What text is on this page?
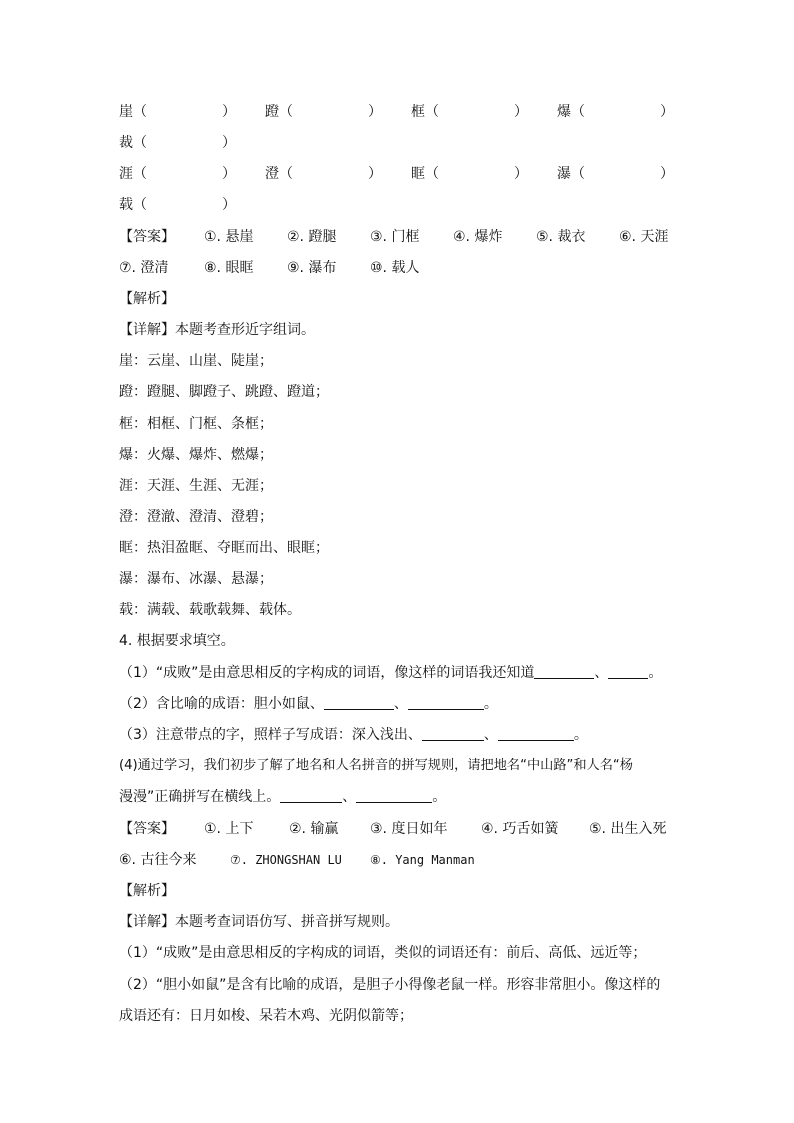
崖（	） 蹬（	） 框（	） 爆（	）
裁（	）
涯（	） 澄（	） 眶（	） 瀑（	）
载（	）
【答案】 ①. 悬崖 ②. 蹬腿 ③. 门框 ④. 爆炸 ⑤. 裁衣 ⑥. 天涯
⑦. 澄清	⑧. 眼眶 ⑨. 瀑布 ⑩. 载人
【解析】
【详解】本题考查形近字组词。
崖：云崖、山崖、陡崖；
蹬：蹬腿、脚蹬子、跳蹬、蹬道；
框：相框、门框、条框；
爆：火爆、爆炸、燃爆；
涯：天涯、生涯、无涯；
澄：澄澈、澄清、澄碧；
眶：热泪盈眶、夺眶而出、眼眶；
瀑：瀑布、冰瀑、悬瀑；
载：满载、载歌载舞、载体。
4. 根据要求填空。
（1）“成败”是由意思相反的字构成的词语，像这样的词语我还知道	、	。
（2）含比喻的成语：胆小如鼠、	、	。
（3）注意带点的字，照样子写成语：深入浅出、	、	。
(4)通过学习，我们初步了解了地名和人名拼音的拼写规则，请把地名“中山路”和人名“杨
漫漫”正确拼写在横线上。	、	。
【答案】 ①. 上下	②. 输赢 ③. 度日如年 ④. 巧舌如簧 ⑤. 出生入死
⑥. 古往今来	⑦. ZHONGSHAN LU ⑧. Yang Manman
【解析】
【详解】本题考查词语仿写、拼音拼写规则。
（1）“成败”是由意思相反的字构成的词语，类似的词语还有：前后、高低、远近等；
（2）“胆小如鼠”是含有比喻的成语，是胆子小得像老鼠一样。形容非常胆小。像这样的
成语还有：日月如梭、呆若木鸡、光阴似箭等；
